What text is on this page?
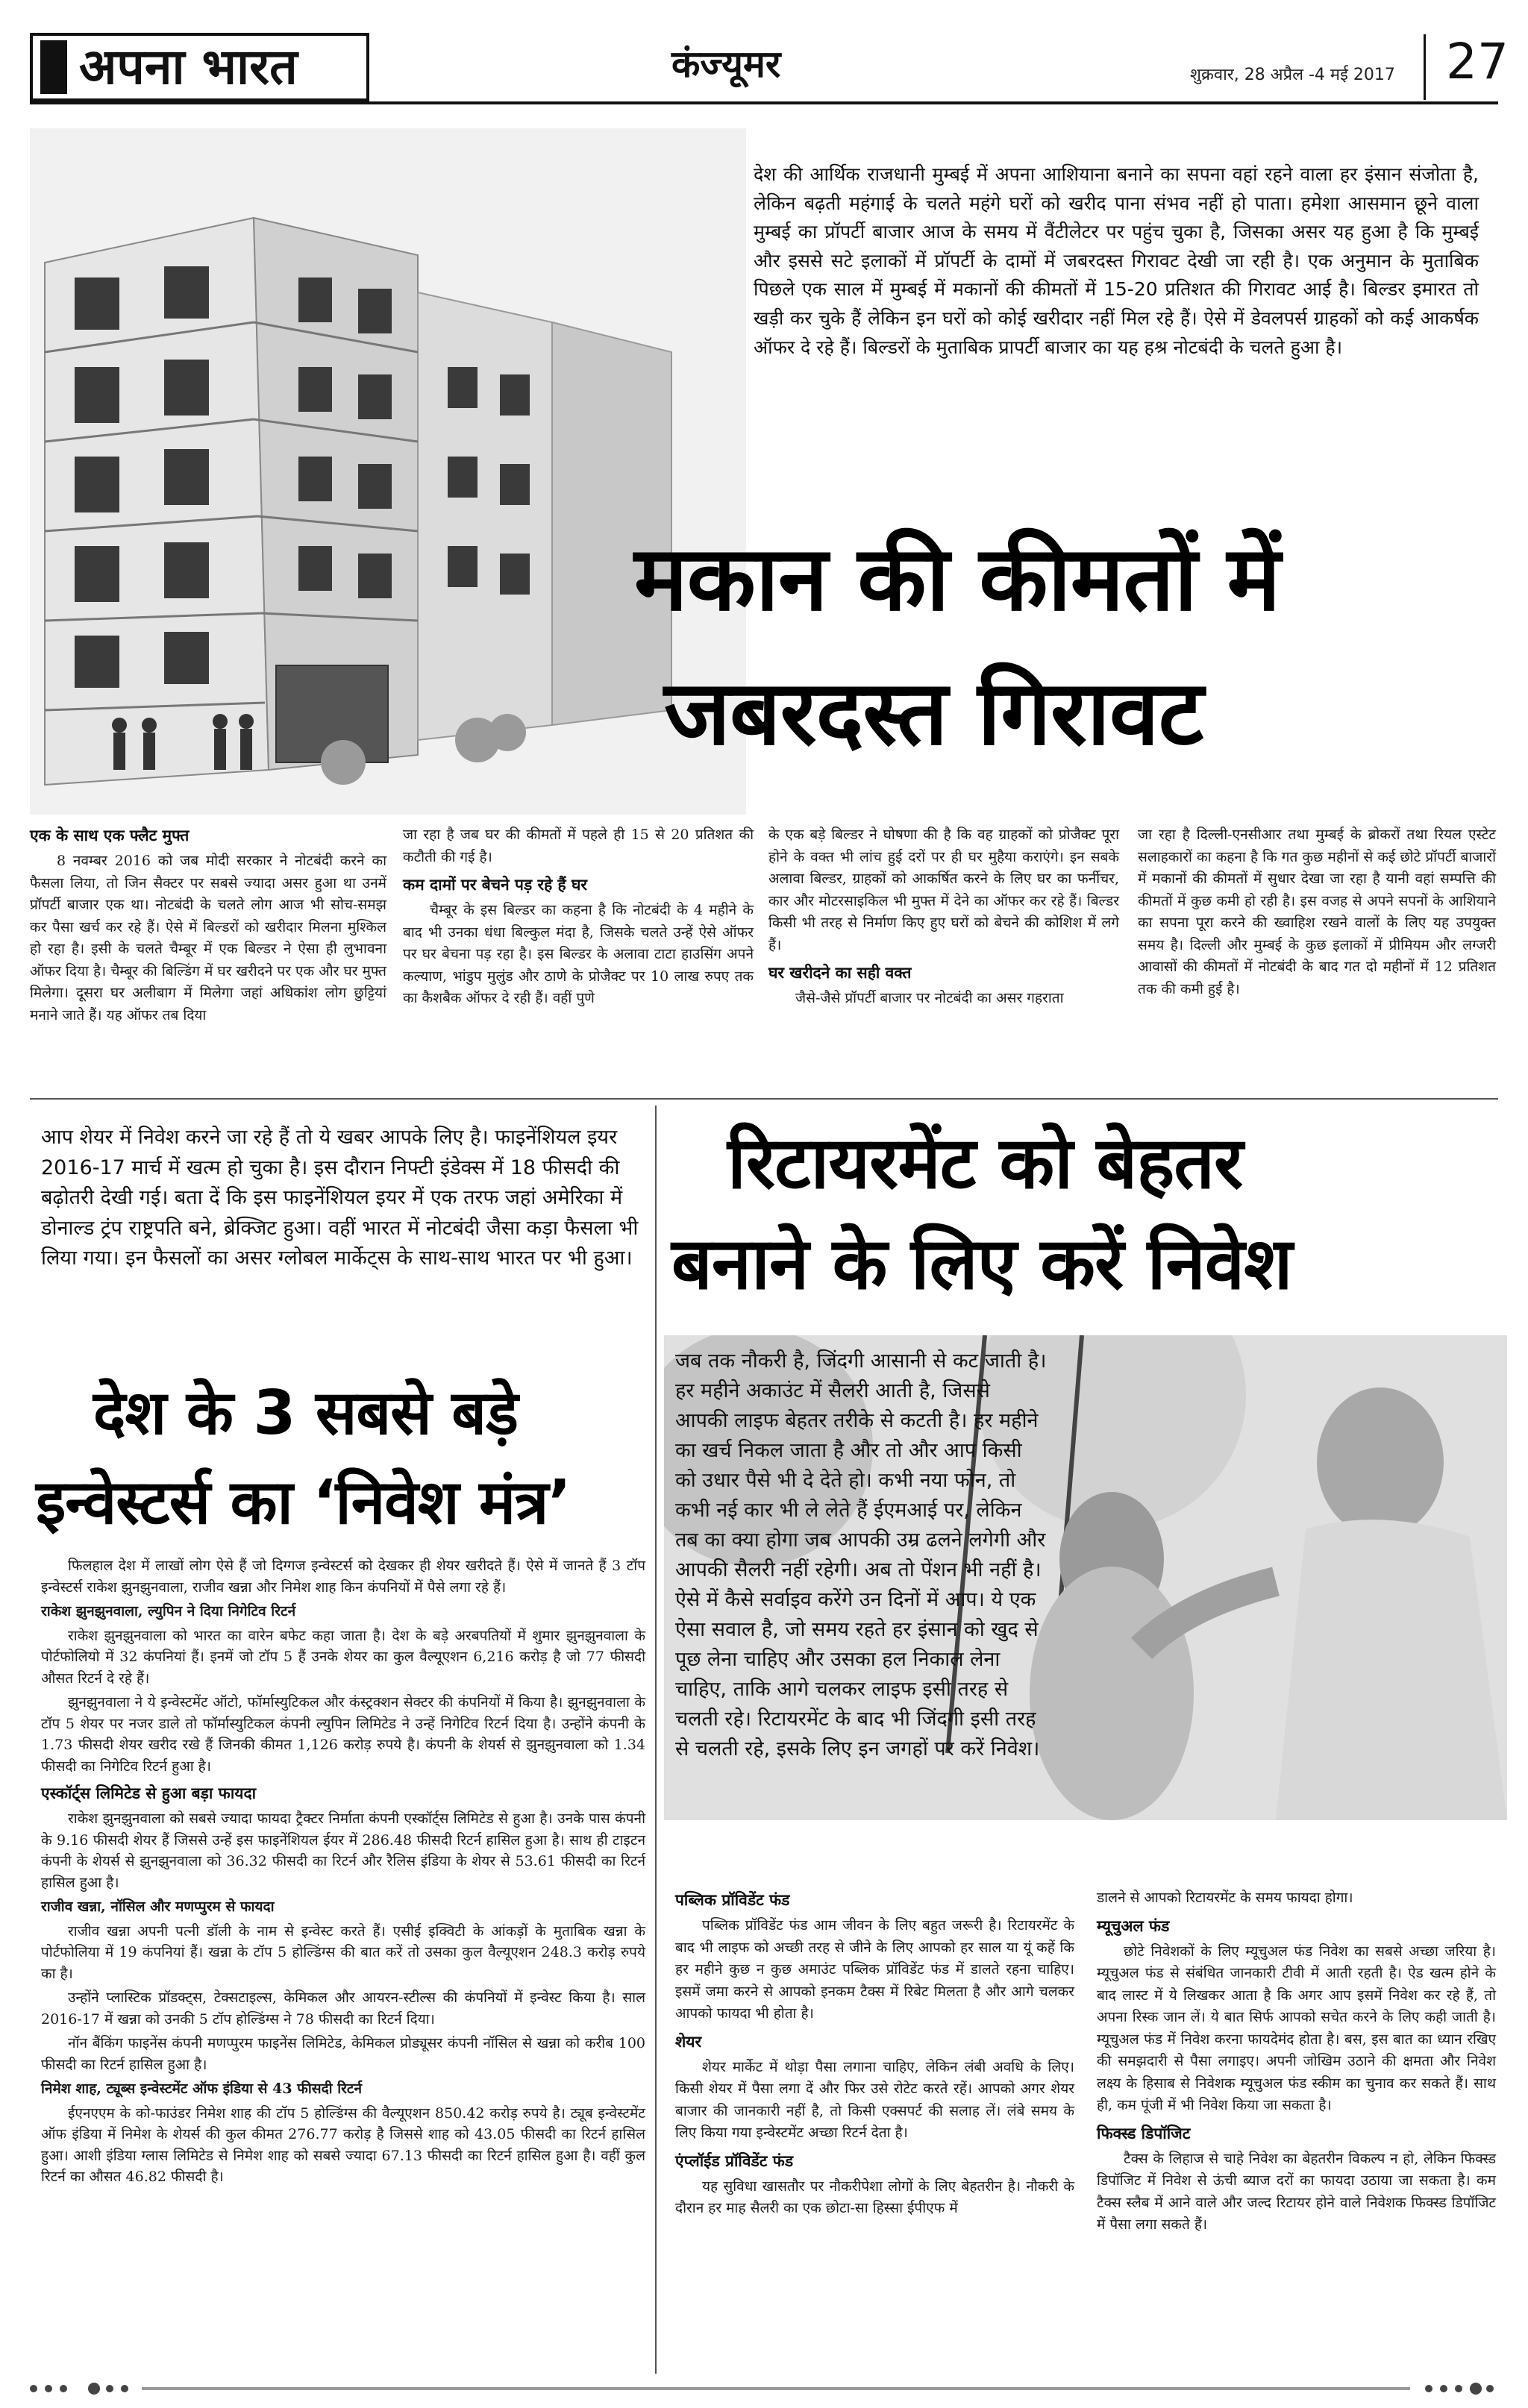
अपना भारत	कंज्यूमर	शुक्रवार, 28 अप्रैल -4 मई 2017 27
देश की आर्थिक राजधानी मुम्बई में अपना आशियाना बनाने का सपना वहां रहने वाला हर इंसान संजोता है, लेकिन बढ़ती महंगाई के चलते महंगे घरों को खरीद पाना संभव नहीं हो पाता। हमेशा आसमान छूने वाला मुम्बई का प्रॉपर्टी बाजार आज के समय में वैंटीलेटर पर पहुंच चुका है, जिसका असर यह हुआ है कि मुम्बई और इससे सटे इलाकों में प्रॉपर्टी के दामों में जबरदस्त गिरावट देखी जा रही है। एक अनुमान के मुताबिक पिछले एक साल में मुम्बई में मकानों की कीमतों में 15-20 प्रतिशत की गिरावट आई है। बिल्डर इमारत तो खड़ी कर चुके हैं लेकिन इन घरों को कोई खरीदार नहीं मिल रहे हैं। ऐसे में डेवलपर्स ग्राहकों को कई आकर्षक ऑफर दे रहे हैं। बिल्डरों के मुताबिक प्रापर्टी बाजार का यह हश्र नोटबंदी के चलते हुआ है।
मकान की कीमतों में
जबरदस्त गिरावट

एक के साथ एक फ्लैट मुफ्त

8 नवम्बर 2016 को जब मोदी सरकार ने नोटबंदी करने का फैसला लिया, तो जिन सैक्टर पर सबसे ज्यादा असर हुआ था उनमें प्रॉपर्टी बाजार एक था। नोटबंदी के चलते लोग आज भी सोच-समझ कर पैसा खर्च कर रहे हैं। ऐसे में बिल्डरों को खरीदार मिलना मुश्किल हो रहा है। इसी के चलते चैम्बूर में एक बिल्डर ने ऐसा ही लुभावना ऑफर दिया है। चैम्बूर की बिल्डिंग में घर खरीदने पर एक और घर मुफ्त मिलेगा। दूसरा घर अलीबाग में मिलेगा जहां अधिकांश लोग छुट्टियां मनाने जाते हैं। यह ऑफर तब दिया

जा रहा है जब घर की कीमतों में पहले ही 15 से 20 प्रतिशत की कटौती की गई है।

कम दामों पर बेचने पड़ रहे हैं घर

चैम्बूर के इस बिल्डर का कहना है कि नोटबंदी के 4 महीने के बाद भी उनका धंधा बिल्कुल मंदा है, जिसके चलते उन्हें ऐसे ऑफर पर घर बेचना पड़ रहा है। इस बिल्डर के अलावा टाटा हाउसिंग अपने कल्याण, भांडुप मुलुंड और ठाणे के प्रोजैक्ट पर 10 लाख रुपए तक का कैशबैक ऑफर दे रही हैं। वहीं पुणे

के एक बड़े बिल्डर ने घोषणा की है कि वह ग्राहकों को प्रोजैक्ट पूरा होने के वक्त भी लांच हुई दरों पर ही घर मुहैया कराएंगे। इन सबके अलावा बिल्डर, ग्राहकों को आकर्षित करने के लिए घर का फर्नीचर, कार और मोटरसाइकिल भी मुफ्त में देने का ऑफर कर रहे हैं। बिल्डर किसी भी तरह से निर्माण किए हुए घरों को बेचने की कोशिश में लगे हैं।

घर खरीदने का सही वक्त

जैसे-जैसे प्रॉपर्टी बाजार पर नोटबंदी का असर गहराता

जा रहा है दिल्ली-एनसीआर तथा मुम्बई के ब्रोकरों तथा रियल एस्टेट सलाहकारों का कहना है कि गत कुछ महीनों से कई छोटे प्रॉपर्टी बाजारों में मकानों की कीमतों में सुधार देखा जा रहा है यानी वहां सम्पत्ति की कीमतों में कुछ कमी हो रही है। इस वजह से अपने सपनों के आशियाने का सपना पूरा करने की ख्वाहिश रखने वालों के लिए यह उपयुक्त समय है। दिल्ली और मुम्बई के कुछ इलाकों में प्रीमियम और लग्जरी आवासों की कीमतों में नोटबंदी के बाद गत दो महीनों में 12 प्रतिशत तक की कमी हुई है।

आप शेयर में निवेश करने जा रहे हैं तो ये खबर आपके लिए है। फाइनेंशियल इयर 2016-17 मार्च में खत्म हो चुका है। इस दौरान निफ्टी इंडेक्स में 18 फीसदी की बढ़ोतरी देखी गई। बता दें कि इस फाइनेंशियल इयर में एक तरफ जहां अमेरिका में डोनाल्ड ट्रंप राष्ट्रपति बने, ब्रेक्जिट हुआ। वहीं भारत में नोटबंदी जैसा कड़ा फैसला भी लिया गया। इन फैसलों का असर ग्लोबल मार्केट्स के साथ-साथ भारत पर भी हुआ।
देश के 3 सबसे बड़े
इन्वेस्टर्स का ‘निवेश मंत्र’

फिलहाल देश में लाखों लोग ऐसे हैं जो दिग्गज इन्वेस्टर्स को देखकर ही शेयर खरीदते हैं। ऐसे में जानते हैं 3 टॉप इन्वेस्टर्स राकेश झुनझुनवाला, राजीव खन्ना और निमेश शाह किन कंपनियों में पैसे लगा रहे हैं।

राकेश झुनझुनवाला, ल्युपिन ने दिया निगेटिव रिटर्न

राकेश झुनझुनवाला को भारत का वारेन बफेट कहा जाता है। देश के बड़े अरबपतियों में शुमार झुनझुनवाला के पोर्टफोलियो में 32 कंपनियां हैं। इनमें जो टॉप 5 हैं उनके शेयर का कुल वैल्यूएशन 6,216 करोड़ है जो 77 फीसदी औसत रिटर्न दे रहे हैं।

झुनझुनवाला ने ये इन्वेस्टमेंट ऑटो, फॉर्मास्युटिकल और कंस्ट्रक्शन सेक्टर की कंपनियों में किया है। झुनझुनवाला के टॉप 5 शेयर पर नजर डाले तो फॉर्मास्युटिकल कंपनी ल्युपिन लिमिटेड ने उन्हें निगेटिव रिटर्न दिया है। उन्होंने कंपनी के 1.73 फीसदी शेयर खरीद रखे हैं जिनकी कीमत 1,126 करोड़ रुपये है। कंपनी के शेयर्स से झुनझुनवाला को 1.34 फीसदी का निगेटिव रिटर्न हुआ है।

एस्कॉर्ट्स लिमिटेड से हुआ बड़ा फायदा

राकेश झुनझुनवाला को सबसे ज्यादा फायदा ट्रैक्टर निर्माता कंपनी एस्कॉर्ट्स लिमिटेड से हुआ है। उनके पास कंपनी के 9.16 फीसदी शेयर हैं जिससे उन्हें इस फाइनेंशियल ईयर में 286.48 फीसदी रिटर्न हासिल हुआ है। साथ ही टाइटन कंपनी के शेयर्स से झुनझुनवाला को 36.32 फीसदी का रिटर्न और रैलिस इंडिया के शेयर से 53.61 फीसदी का रिटर्न हासिल हुआ है।

राजीव खन्ना, नॉसिल और मणप्पुरम से फायदा

राजीव खन्ना अपनी पत्नी डॉली के नाम से इन्वेस्ट करते हैं। एसीई इक्विटी के आंकड़ों के मुताबिक खन्ना के पोर्टफोलिया में 19 कंपनियां हैं। खन्ना के टॉप 5 होल्डिंग्स की बात करें तो उसका कुल वैल्यूएशन 248.3 करोड़ रुपये का है।

उन्होंने प्लास्टिक प्रॉडक्ट्स, टेक्सटाइल्स, केमिकल और आयरन-स्टील्स की कंपनियों में इन्वेस्ट किया है। साल 2016-17 में खन्ना को उनकी 5 टॉप होल्डिंग्स ने 78 फीसदी का रिटर्न दिया।

नॉन बैंकिंग फाइनेंस कंपनी मणप्पुरम फाइनेंस लिमिटेड, केमिकल प्रोड्यूसर कंपनी नॉसिल से खन्ना को करीब 100 फीसदी का रिटर्न हासिल हुआ है।

निमेश शाह, ट्यूब्स इन्वेस्टमेंट ऑफ इंडिया से 43 फीसदी रिटर्न

ईएनएएम के को-फाउंडर निमेश शाह की टॉप 5 होल्डिंग्स की वैल्यूएशन 850.42 करोड़ रुपये है। ट्यूब इन्वेस्टमेंट ऑफ इंडिया में निमेश के शेयर्स की कुल कीमत 276.77 करोड़ है जिससे शाह को 43.05 फीसदी का रिटर्न हासिल हुआ। आशी इंडिया ग्लास लिमिटेड से निमेश शाह को सबसे ज्यादा 67.13 फीसदी का रिटर्न हासिल हुआ है। वहीं कुल रिटर्न का औसत 46.82 फीसदी है।

रिटायरमेंट को बेहतर
बनाने के लिए करें निवेश
जब तक नौकरी है, जिंदगी आसानी से कट जाती है। हर महीने अकाउंट में सैलरी आती है, जिससे आपकी लाइफ बेहतर तरीके से कटती है। हर महीने का खर्च निकल जाता है और तो और आप किसी को उधार पैसे भी दे देते हो। कभी नया फोन, तो कभी नई कार भी ले लेते हैं ईएमआई पर, लेकिन तब का क्या होगा जब आपकी उम्र ढलने लगेगी और आपकी सैलरी नहीं रहेगी। अब तो पेंशन भी नहीं है। ऐसे में कैसे सर्वाइव करेंगे उन दिनों में आप। ये एक ऐसा सवाल है, जो समय रहते हर इंसान को खुद से पूछ लेना चाहिए और उसका हल निकाल लेना चाहिए, ताकि आगे चलकर लाइफ इसी तरह से चलती रहे। रिटायरमेंट के बाद भी जिंदगी इसी तरह से चलती रहे, इसके लिए इन जगहों पर करें निवेश।

पब्लिक प्रॉविडेंट फंड

पब्लिक प्रॉविडेंट फंड आम जीवन के लिए बहुत जरूरी है। रिटायरमेंट के बाद भी लाइफ को अच्छी तरह से जीने के लिए आपको हर साल या यूं कहें कि हर महीने कुछ न कुछ अमाउंट पब्लिक प्रॉविडेंट फंड में डालते रहना चाहिए। इसमें जमा करने से आपको इनकम टैक्स में रिबेट मिलता है और आगे चलकर आपको फायदा भी होता है।

शेयर

शेयर मार्केट में थोड़ा पैसा लगाना चाहिए, लेकिन लंबी अवधि के लिए। किसी शेयर में पैसा लगा दें और फिर उसे रोटेट करते रहें। आपको अगर शेयर बाजार की जानकारी नहीं है, तो किसी एक्सपर्ट की सलाह लें। लंबे समय के लिए किया गया इन्वेस्टमेंट अच्छा रिटर्न देता है।

एंप्लॉईड प्रॉविडेंट फंड

यह सुविधा खासतौर पर नौकरीपेशा लोगों के लिए बेहतरीन है। नौकरी के दौरान हर माह सैलरी का एक छोटा-सा हिस्सा ईपीएफ में

डालने से आपको रिटायरमेंट के समय फायदा होगा।

म्यूचुअल फंड

छोटे निवेशकों के लिए म्यूचुअल फंड निवेश का सबसे अच्छा जरिया है। म्यूचुअल फंड से संबंधित जानकारी टीवी में आती रहती है। ऐड खत्म होने के बाद लास्ट में ये लिखकर आता है कि अगर आप इसमें निवेश कर रहे हैं, तो अपना रिस्क जान लें। ये बात सिर्फ आपको सचेत करने के लिए कही जाती है। म्यूचुअल फंड में निवेश करना फायदेमंद होता है। बस, इस बात का ध्यान रखिए की समझदारी से पैसा लगाइए। अपनी जोखिम उठाने की क्षमता और निवेश लक्ष्य के हिसाब से निवेशक म्यूचुअल फंड स्कीम का चुनाव कर सकते हैं। साथ ही, कम पूंजी में भी निवेश किया जा सकता है।

फिक्स्ड डिपॉजिट

टैक्स के लिहाज से चाहे निवेश का बेहतरीन विकल्प न हो, लेकिन फिक्स्ड डिपॉजिट में निवेश से ऊंची ब्याज दरों का फायदा उठाया जा सकता है। कम टैक्स स्लैब में आने वाले और जल्द रिटायर होने वाले निवेशक फिक्स्ड डिपॉजिट में पैसा लगा सकते हैं।
